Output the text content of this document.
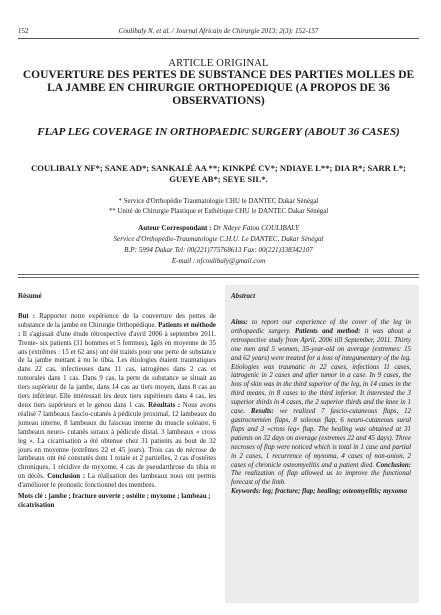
152	Coulibaly N. et al. / Journal Africain de Chirurgie 2013; 2(3): 152-157
ARTICLE ORIGINAL
COUVERTURE DES PERTES DE SUBSTANCE DES PARTIES MOLLES DE LA JAMBE EN CHIRURGIE ORTHOPEDIQUE (A PROPOS DE 36 OBSERVATIONS)
FLAP LEG COVERAGE IN ORTHOPAEDIC SURGERY (ABOUT 36 CASES)
COULIBALY NF*; SANE AD*; SANKALÉ AA **; KINKPÉ CV*; NDIAYE L**; DIA R*; SARR L*; GUEYE AB*; SEYE SIL*.
* Service d'Orthopédie Traumatologie CHU le DANTEC Dakar Sénégal
** Unité de Chirurgie Plastique et Esthétique CHU le DANTEC Dakar Sénégal
Auteur Correspondant : Dr Ndeye Fatou COULIBALY
Service d'Orthopédie-Traumatologie C.H.U. Le DANTEC, Dakar Sénégal
B.P: 5994 Dakar Tel: 00(221)775768613 Fax: 00(221)338342107
E-mail : nfcoulibaly@gmail.com
Résumé

But : Rapporter notre expérience de la couverture des pertes de substance de la jambe en Chirurgie Orthopédique. Patients et méthode : Il s'agissait d'une étude rétrospective d'avril 2006 à septembre 2011. Trente- six patients (31 hommes et 5 femmes), âgés en moyenne de 35 ans (extrêmes : 15 et 62 ans) ont été traités pour une perte de substance de la jambe mettant à nu le tibia. Les étiologies étaient traumatiques dans 22 cas, infectieuses dans 11 cas, iatrogènes dans 2 cas et tumorales dans 1 cas. Dans 9 cas, la perte de substance se situait au tiers supérieur de la jambe, dans 14 cas au tiers moyen, dans 8 cas au tiers inférieur. Elle intéressait les deux tiers supérieurs dans 4 cas, les deux tiers supérieurs et le genou dans 1 cas. Résultats : Nous avons réalisé 7 lambeaux fascio-cutanés à pédicule proximal, 12 lambeaux du jumeau interne, 8 lambeaux du faisceau interne du muscle soléaire, 6 lambeaux neuro- cutanés suraux à pédicule distal, 3 lambeaux « cross leg ». La cicatrisation a été obtenue chez 31 patients au bout de 32 jours en moyenne (extrêmes 22 et 45 jours). Trois cas de nécrose de lambeaux ont été constatés dont 1 totale et 2 partielles, 2 cas d'ostéites chroniques, 1 récidive de myxome, 4 cas de pseudarthrose du tibia et un décès. Conclusion : La réalisation des lambeaux nous ont permis d'améliorer le pronostic fonctionnel des membres.

Mots clé : jambe ; fracture ouverte ; ostéite ; myxome ; lambeau ; cicatrisation

Abstract

Aims: to report our experience of the cover of the leg in orthopaedic surgery. Patients and method: it was about a retrospective study from April, 2006 till September, 2011. Thirty one men and 5 women, 35-year-old on average (extremes: 15 and 62 years) were treated for a loss of integumentary of the leg. Etiologies was traumatic in 22 cases, infectious 11 cases, iatrogenic in 2 cases and after tumor in a case. In 9 cases, the loss of skin was in the third superior of the leg, in 14 cases in the third means, in 8 cases to the third inferior. It interested the 3 superior thirds in 4 cases, the 2 superior thirds and the knee in 1 case. Results: we realized 7 fascio-cutaneous flaps, 12 gastrocnemien flaps, 8 soleous flap, 6 neuro-cutaneous sural flaps and 3 «cross leg» flap. The healing was obtained at 31 patients on 32 days on average (extremes 22 and 45 days). Three necroses of flap were noticed which is total in 1 case and partial in 2 cases, 1 recurrence of myxoma, 4 cases of non-union, 2 cases of chronicle osteomyelitis and a patient died. Conclusion: The realization of flap allowed us to improve the functional forecast of the limb.

Keywords: leg; fracture; flap; healing; osteomyelitis; myxoma
